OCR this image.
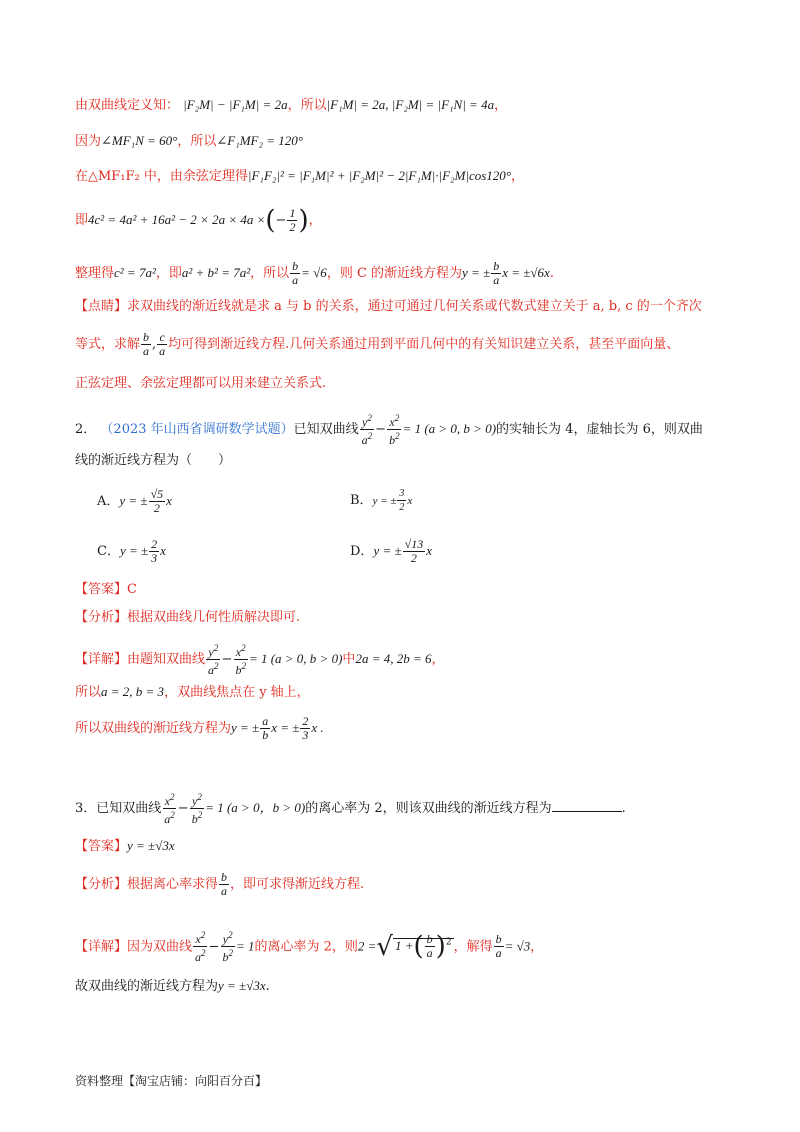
由双曲线定义知： |F₂M| − |F₁M| = 2a，所以|F₁M| = 2a, |F₂M| = |F₁N| = 4a，
因为∠MF₁N = 60°，所以∠F₁MF₂ = 120°
在△MF₁F₂ 中，由余弦定理得|F₁F₂|² = |F₁M|² + |F₂M|² − 2|F₁M|·|F₂M|cos120°，
即4c² = 4a² + 16a² − 2 × 2a × 4a ×(− $\frac{1}{2}$ )，
整理得c² = 7a²，即a² + b² = 7a²，所以 $\frac{b}{a} = √6$，则 C 的渐近线方程为y = ± $\frac{b}{a}$ x = ±√6x.
【点睛】求双曲线的渐近线就是求 a 与 b 的关系，通过可通过几何关系或代数式建立关于 a, b, c 的一个齐次
等式，求解 $\frac{b}{a}$ , $\frac{c}{a}$ 均可得到渐近线方程.几何关系通过用到平面几何中的有关知识建立关系，甚至平面向量、
正弦定理、余弦定理都可以用来建立关系式.
2． （2023 年山西省调研数学试题）已知双曲线 $\frac{y^2}{a^2} - \frac{x^2}{b^2} = 1$ (a > 0, b > 0)的实轴长为 4，虚轴长为 6，则双曲
线的渐近线方程为（　　）
A．y = ± $\frac{√5}{2}$ x	B．y = ± $\frac{3}{2}$ x
C．y = ± $\frac{2}{3}$ x	D．y = ± $\frac{√13}{2}$ x
【答案】C
【分析】根据双曲线几何性质解决即可.
【详解】由题知双曲线 $\frac{y^2}{a^2} - \frac{x^2}{b^2} = 1$ (a > 0, b > 0)中2a = 4, 2b = 6，
所以a = 2, b = 3，双曲线焦点在 y 轴上，
所以双曲线的渐近线方程为y = ± $\frac{a}{b}$ x = ± $\frac{2}{3}$ x .
3．已知双曲线 $\frac{x^2}{a^2} - \frac{y^2}{b^2} = 1$ (a > 0，b > 0)的离心率为 2，则该双曲线的渐近线方程为	.
【答案】y = ±√3x
【分析】根据离心率求得 $\frac{b}{a}$ ，即可求得渐近线方程.
【详解】因为双曲线 $\frac{x^2}{a^2} - \frac{y^2}{b^2} = 1$的离心率为 2，则2 =√ 1 +( $\frac{b}{a} )^2$ ，解得 $\frac{b}{a} = √3$，
故双曲线的渐近线方程为y = ±√3x.
资料整理【淘宝店铺：向阳百分百】
